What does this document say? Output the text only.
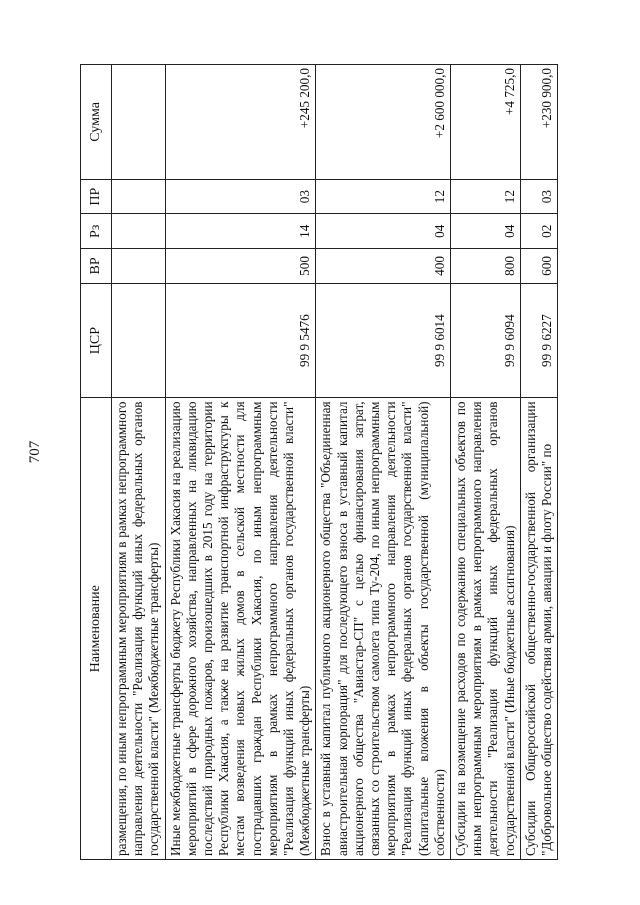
707
Наименование	ЦСР	ВР	Рз	ПР	Сумма
размещения, по иным непрограммным мероприятиям в рамках непрограммного направления деятельности "Реализация функций иных федеральных органов государственной власти" (Межбюджетные трансферты)					
Иные межбюджетные трансферты бюджету Республики Хакасия на реализацию мероприятий в сфере дорожного хозяйства, направленных на ликвидацию последствий природных пожаров, произошедших в 2015 году на территории Республики Хакасия, а также на развитие транспортной инфраструктуры к местам возведения новых жилых домов в сельской местности для пострадавших граждан Республики Хакасия, по иным непрограммным мероприятиям в рамках непрограммного направления деятельности "Реализация функций иных федеральных органов государственной власти" (Межбюджетные трансферты)	99 9 5476	500	14	03	+245 200,0
Взнос в уставный капитал публичного акционерного общества "Объединенная авиастроительная корпорация" для последующего взноса в уставный капитал акционерного общества "Авиастар-СП" с целью финансирования затрат, связанных со строительством самолета типа Ту-204, по иным непрограммным мероприятиям в рамках непрограммного направления деятельности "Реализация функций иных федеральных органов государственной власти" (Капитальные вложения в объекты государственной (муниципальной) собственности)	99 9 6014	400	04	12	+2 600 000,0
Субсидии на возмещение расходов по содержанию специальных объектов по иным непрограммным мероприятиям в рамках непрограммного направления деятельности "Реализация функций иных федеральных органов государственной власти" (Иные бюджетные ассигнования)	99 9 6094	800	04	12	+4 725,0
Субсидии Общероссийской общественно-государственной организации "Добровольное общество содействия армии, авиации и флоту России" по	99 9 6227	600	02	03	+230 900,0
